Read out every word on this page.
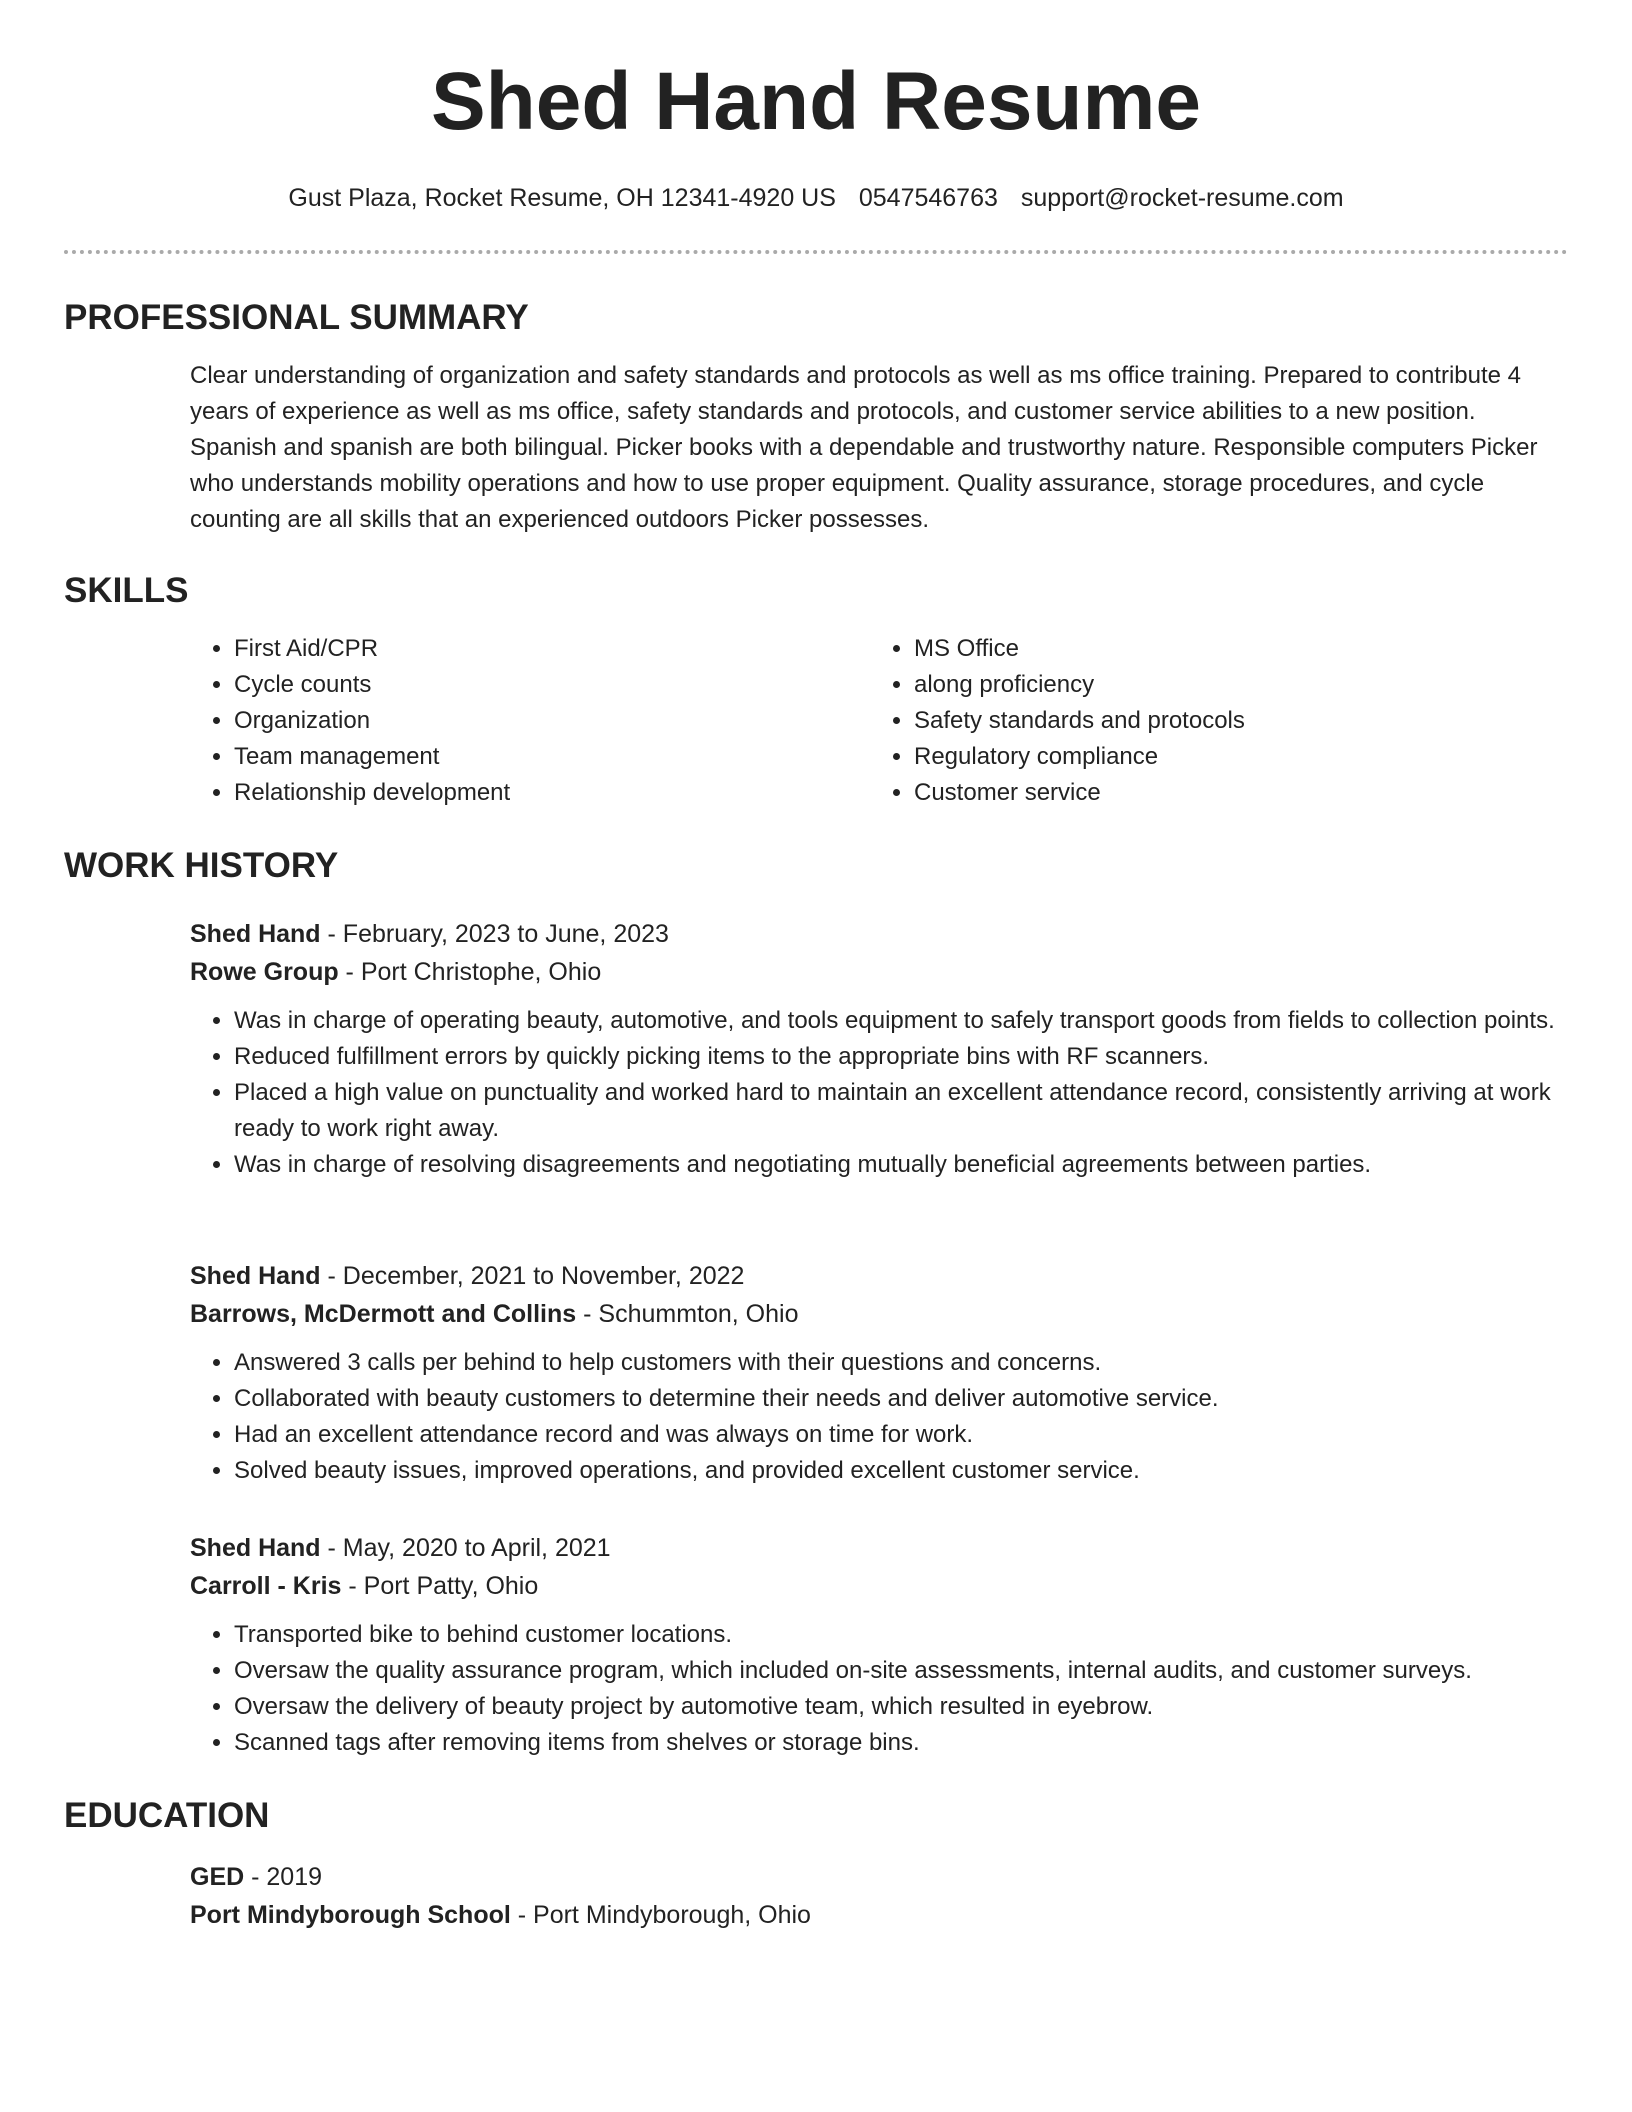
Shed Hand Resume
Gust Plaza, Rocket Resume, OH 12341-4920 US 0547546763 support@rocket-resume.com
PROFESSIONAL SUMMARY

Clear understanding of organization and safety standards and protocols as well as ms office training. Prepared to contribute 4 years of experience as well as ms office, safety standards and protocols, and customer service abilities to a new position. Spanish and spanish are both bilingual. Picker books with a dependable and trustworthy nature. Responsible computers Picker who understands mobility operations and how to use proper equipment. Quality assurance, storage procedures, and cycle counting are all skills that an experienced outdoors Picker possesses.

SKILLS
• First Aid/CPR
• Cycle counts
• Organization
• Team management
• Relationship development
• MS Office
• along proficiency
• Safety standards and protocols
• Regulatory compliance
• Customer service
WORK HISTORY

Shed Hand - February, 2023 to June, 2023

Rowe Group - Port Christophe, Ohio

• Was in charge of operating beauty, automotive, and tools equipment to safely transport goods from fields to collection points.
• Reduced fulfillment errors by quickly picking items to the appropriate bins with RF scanners.
• Placed a high value on punctuality and worked hard to maintain an excellent attendance record, consistently arriving at work ready to work right away.
• Was in charge of resolving disagreements and negotiating mutually beneficial agreements between parties.

Shed Hand - December, 2021 to November, 2022

Barrows, McDermott and Collins - Schummton, Ohio

• Answered 3 calls per behind to help customers with their questions and concerns.
• Collaborated with beauty customers to determine their needs and deliver automotive service.
• Had an excellent attendance record and was always on time for work.
• Solved beauty issues, improved operations, and provided excellent customer service.

Shed Hand - May, 2020 to April, 2021

Carroll - Kris - Port Patty, Ohio

• Transported bike to behind customer locations.
• Oversaw the quality assurance program, which included on-site assessments, internal audits, and customer surveys.
• Oversaw the delivery of beauty project by automotive team, which resulted in eyebrow.
• Scanned tags after removing items from shelves or storage bins.
EDUCATION

GED - 2019

Port Mindyborough School - Port Mindyborough, Ohio
